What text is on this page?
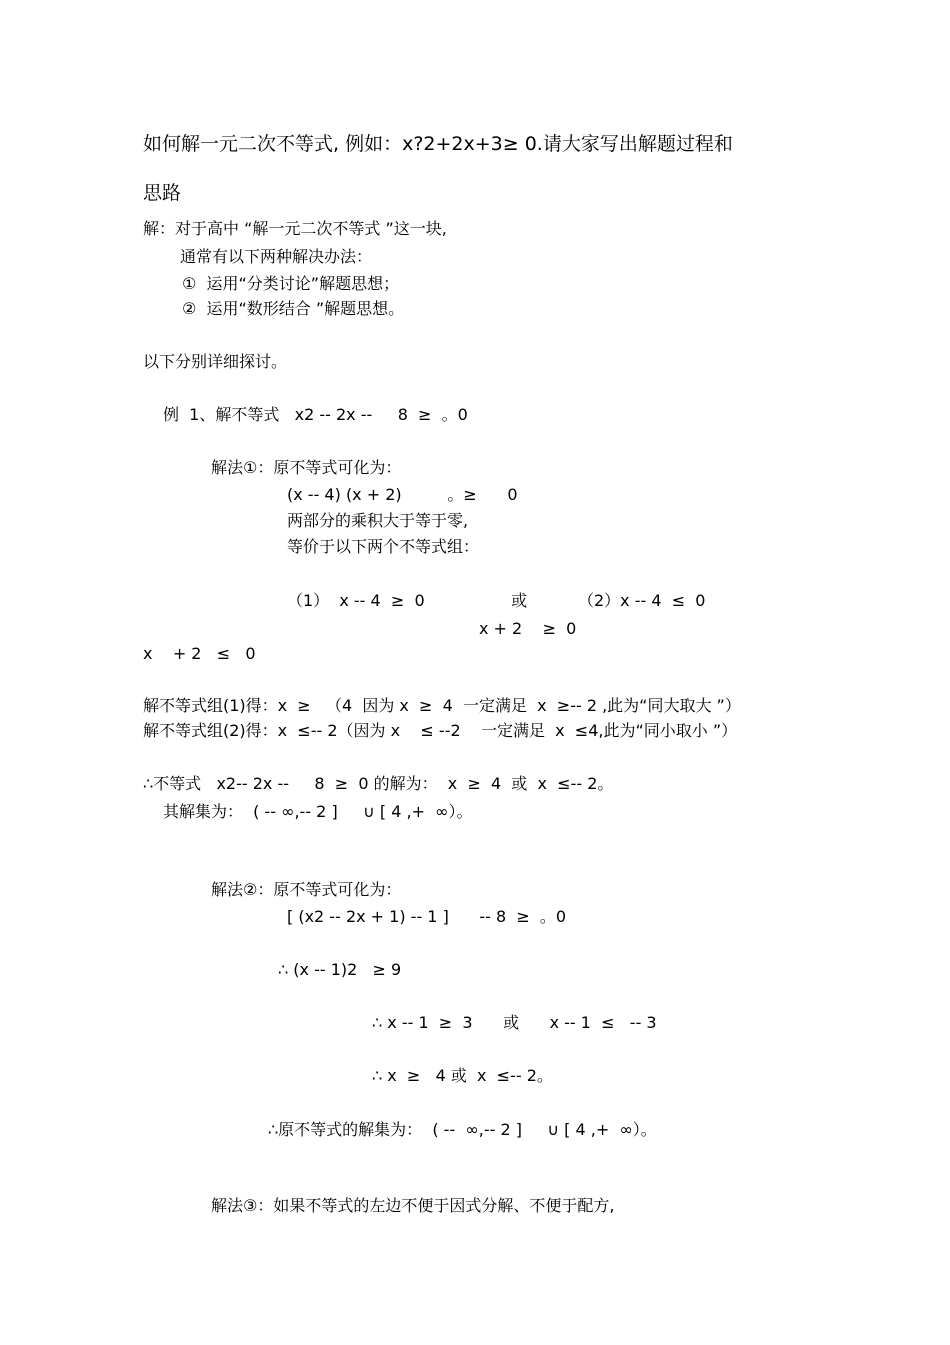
如何解一元二次不等式, 例如：x?2+2x+3≥ 0.请大家写出解题过程和
思路
解：对于高中 “解一元二次不等式 ”这一块,
通常有以下两种解决办法：
①  运用“分类讨论”解题思想；
②  运用“数形结合 ”解题思想。
以下分别详细探讨。
例  1、解不等式   x2 -- 2x --     8  ≥  。0
解法①：原不等式可化为：
(x -- 4) (x + 2)         。≥      0
两部分的乘积大于等于零,
等价于以下两个不等式组：
（1）  x -- 4  ≥  0                 或          （2）x -- 4  ≤  0
x + 2    ≥  0
x    + 2   ≤   0
解不等式组(1)得：x  ≥   （4  因为 x  ≥  4  一定满足  x  ≥-- 2 ,此为“同大取大 ”）
解不等式组(2)得：x  ≤-- 2（因为 x    ≤ --2    一定满足  x  ≤4,此为“同小取小 ”）
∴不等式   x2-- 2x --     8  ≥  0 的解为：  x  ≥  4  或  x  ≤-- 2。
其解集为：  ( -- ∞,-- 2 ]     ∪ [ 4 ,+  ∞）。
解法②：原不等式可化为：
[ (x2 -- 2x + 1) -- 1 ]      -- 8  ≥  。0
∴ (x -- 1)2   ≥ 9
∴ x -- 1  ≥  3      或      x -- 1  ≤   -- 3
∴ x  ≥   4 或  x  ≤-- 2。
∴原不等式的解集为：  ( --  ∞,-- 2 ]     ∪ [ 4 ,+  ∞）。
解法③：如果不等式的左边不便于因式分解、不便于配方,
